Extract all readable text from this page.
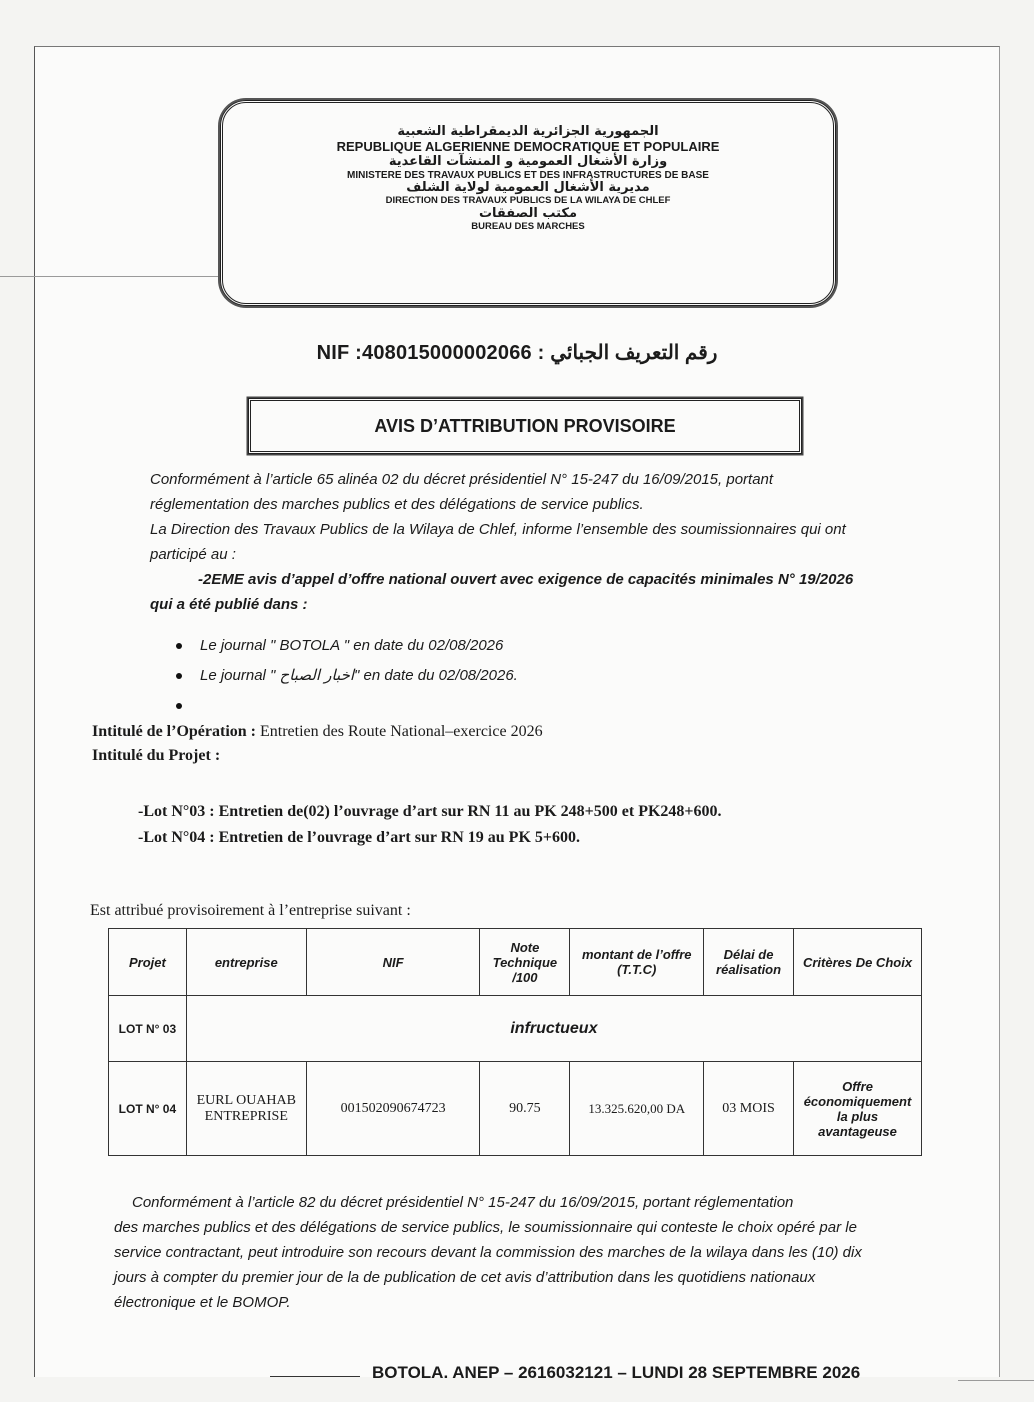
الجمهورية الجزائرية الديمقراطية الشعبية
REPUBLIQUE ALGERIENNE DEMOCRATIQUE ET POPULAIRE
وزارة الأشغال العمومية و المنشآت القاعدية
MINISTERE DES TRAVAUX PUBLICS ET DES INFRASTRUCTURES DE BASE
مديرية الأشغال العمومية لولاية الشلف
DIRECTION DES TRAVAUX PUBLICS DE LA WILAYA DE CHLEF
مكتب الصفقات
BUREAU DES MARCHES
NIF :408015000002066 : رقم التعريف الجبائي
AVIS D’ATTRIBUTION PROVISOIRE
Conformément à l’article 65 alinéa 02 du décret présidentiel N° 15-247 du 16/09/2015, portant
réglementation des marches publics et des délégations de service publics.
La Direction des Travaux Publics de la Wilaya de Chlef, informe l’ensemble des soumissionnaires qui ont
participé au :
-2EME avis d’appel d’offre national ouvert avec exigence de capacités minimales N° 19/2026
qui a été publié dans :
Le journal " BOTOLA " en date du 02/08/2026
Le journal " اخبار الصباح" en date du 02/08/2026.
Intitulé de l’Opération : Entretien des Route National–exercice 2026
Intitulé du Projet :
-Lot N°03 : Entretien de(02) l’ouvrage d’art sur RN 11 au PK 248+500 et PK248+600.
-Lot N°04 : Entretien de l’ouvrage d’art sur RN 19 au PK 5+600.
Est attribué provisoirement à l’entreprise suivant :
Projet	entreprise	NIF	Note Technique /100	montant de l’offre (T.T.C)	Délai de réalisation	Critères De Choix
LOT N° 03	infructueux					
LOT N° 04	EURL OUAHAB ENTREPRISE	001502090674723	90.75	13.325.620,00 DA	03 MOIS	Offre économiquement la plus avantageuse
Conformément à l’article 82 du décret présidentiel N° 15-247 du 16/09/2015, portant réglementation
des marches publics et des délégations de service publics, le soumissionnaire qui conteste le choix opéré par le
service contractant, peut introduire son recours devant la commission des marches de la wilaya dans les (10) dix
jours à compter du premier jour de la de publication de cet avis d’attribution dans les quotidiens nationaux
électronique et le BOMOP.
BOTOLA. ANEP – 2616032121 – LUNDI 28 SEPTEMBRE 2026
